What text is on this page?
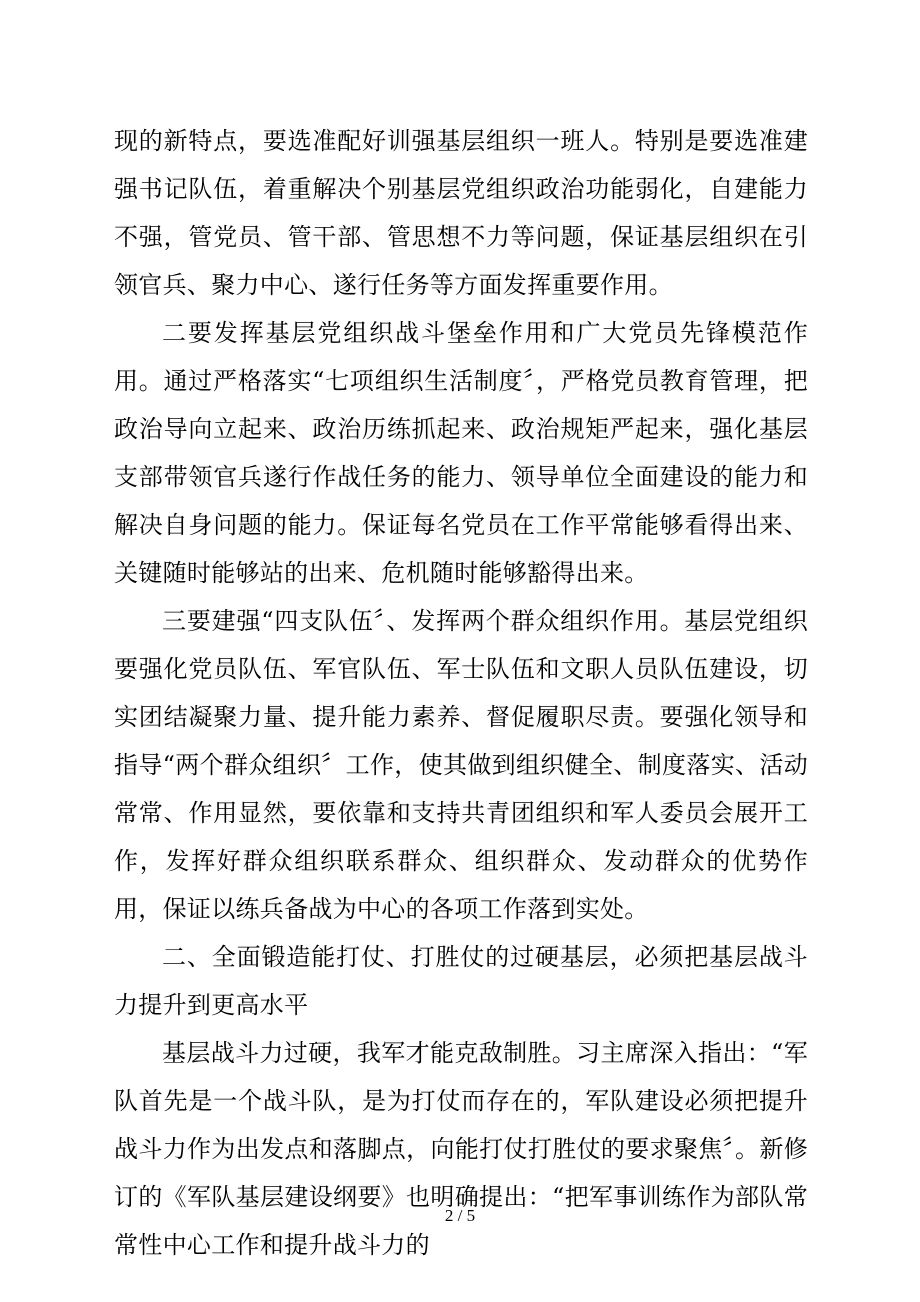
现的新特点，要选准配好训强基层组织一班人。特别是要选准建强书记队伍，着重解决个别基层党组织政治功能弱化，自建能力不强，管党员、管干部、管思想不力等问题，保证基层组织在引领官兵、聚力中心、遂行任务等方面发挥重要作用。

二要发挥基层党组织战斗堡垒作用和广大党员先锋模范作用。通过严格落实“七项组织生活制度〞，严格党员教育管理，把政治导向立起来、政治历练抓起来、政治规矩严起来，强化基层支部带领官兵遂行作战任务的能力、领导单位全面建设的能力和解决自身问题的能力。保证每名党员在工作平常能够看得出来、关键随时能够站的出来、危机随时能够豁得出来。

三要建强“四支队伍〞、发挥两个群众组织作用。基层党组织要强化党员队伍、军官队伍、军士队伍和文职人员队伍建设，切实团结凝聚力量、提升能力素养、督促履职尽责。要强化领导和指导“两个群众组织〞工作，使其做到组织健全、制度落实、活动常常、作用显然，要依靠和支持共青团组织和军人委员会展开工作，发挥好群众组织联系群众、组织群众、发动群众的优势作用，保证以练兵备战为中心的各项工作落到实处。

二、全面锻造能打仗、打胜仗的过硬基层，必须把基层战斗力提升到更高水平

基层战斗力过硬，我军才能克敌制胜。习主席深入指出：“军队首先是一个战斗队，是为打仗而存在的，军队建设必须把提升战斗力作为出发点和落脚点，向能打仗打胜仗的要求聚焦〞。新修订的《军队基层建设纲要》也明确提出：“把军事训练作为部队常常性中心工作和提升战斗力的

2 / 5
